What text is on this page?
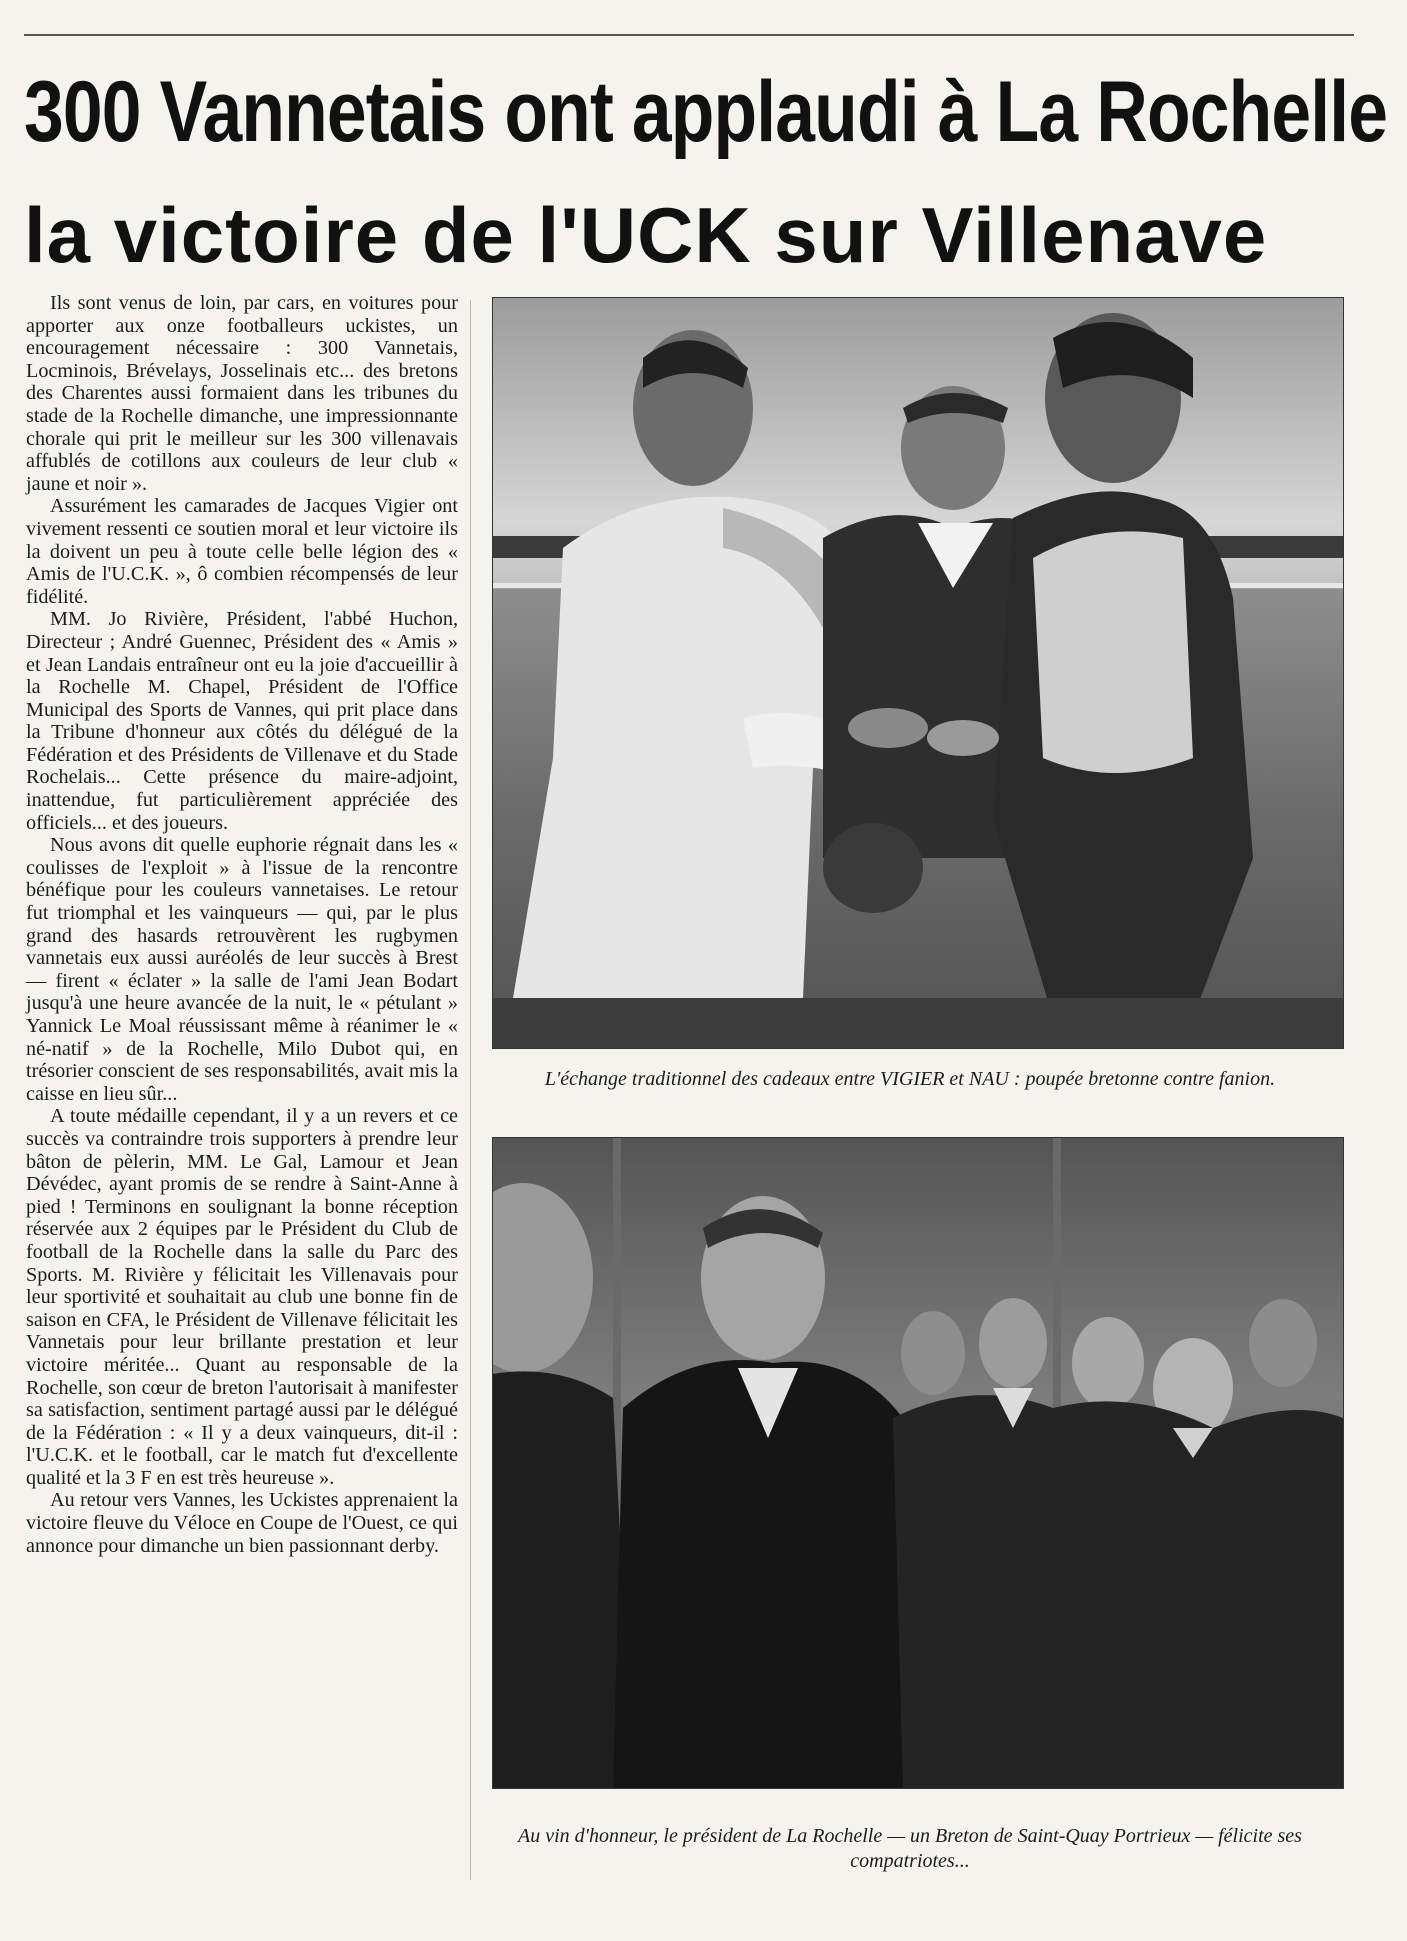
300 Vannetais ont applaudi à La Rochelle
la victoire de l'UCK sur Villenave

Ils sont venus de loin, par cars, en voitures pour apporter aux onze footballeurs uckistes, un encouragement nécessaire : 300 Vannetais, Locminois, Brévelays, Josselinais etc... des bretons des Charentes aussi formaient dans les tribunes du stade de la Rochelle dimanche, une impressionnante chorale qui prit le meilleur sur les 300 villenavais affublés de cotillons aux couleurs de leur club « jaune et noir ».

Assurément les camarades de Jacques Vigier ont vivement ressenti ce soutien moral et leur victoire ils la doivent un peu à toute celle belle légion des « Amis de l'U.C.K. », ô combien récompensés de leur fidélité.

MM. Jo Rivière, Président, l'abbé Huchon, Directeur ; André Guennec, Président des « Amis » et Jean Landais entraîneur ont eu la joie d'accueillir à la Rochelle M. Chapel, Président de l'Office Municipal des Sports de Vannes, qui prit place dans la Tribune d'honneur aux côtés du délégué de la Fédération et des Présidents de Villenave et du Stade Rochelais... Cette présence du maire-adjoint, inattendue, fut particulièrement appréciée des officiels... et des joueurs.

Nous avons dit quelle euphorie régnait dans les « coulisses de l'exploit » à l'issue de la rencontre bénéfique pour les couleurs vannetaises. Le retour fut triomphal et les vainqueurs — qui, par le plus grand des hasards retrouvèrent les rugbymen vannetais eux aussi auréolés de leur succès à Brest — firent « éclater » la salle de l'ami Jean Bodart jusqu'à une heure avancée de la nuit, le « pétulant » Yannick Le Moal réussissant même à réanimer le « né-natif » de la Rochelle, Milo Dubot qui, en trésorier conscient de ses responsabilités, avait mis la caisse en lieu sûr...

A toute médaille cependant, il y a un revers et ce succès va contraindre trois supporters à prendre leur bâton de pèlerin, MM. Le Gal, Lamour et Jean Dévédec, ayant promis de se rendre à Saint-Anne à pied ! Terminons en soulignant la bonne réception réservée aux 2 équipes par le Président du Club de football de la Rochelle dans la salle du Parc des Sports. M. Rivière y félicitait les Villenavais pour leur sportivité et souhaitait au club une bonne fin de saison en CFA, le Président de Villenave félicitait les Vannetais pour leur brillante prestation et leur victoire méritée... Quant au responsable de la Rochelle, son cœur de breton l'autorisait à manifester sa satisfaction, sentiment partagé aussi par le délégué de la Fédération : « Il y a deux vainqueurs, dit-il : l'U.C.K. et le football, car le match fut d'excellente qualité et la 3 F en est très heureuse ».

Au retour vers Vannes, les Uckistes apprenaient la victoire fleuve du Véloce en Coupe de l'Ouest, ce qui annonce pour dimanche un bien passionnant derby.

L'échange traditionnel des cadeaux entre VIGIER et NAU : poupée bretonne contre fanion.

Au vin d'honneur, le président de La Rochelle — un Breton de Saint-Quay Portrieux — félicite ses compatriotes...
